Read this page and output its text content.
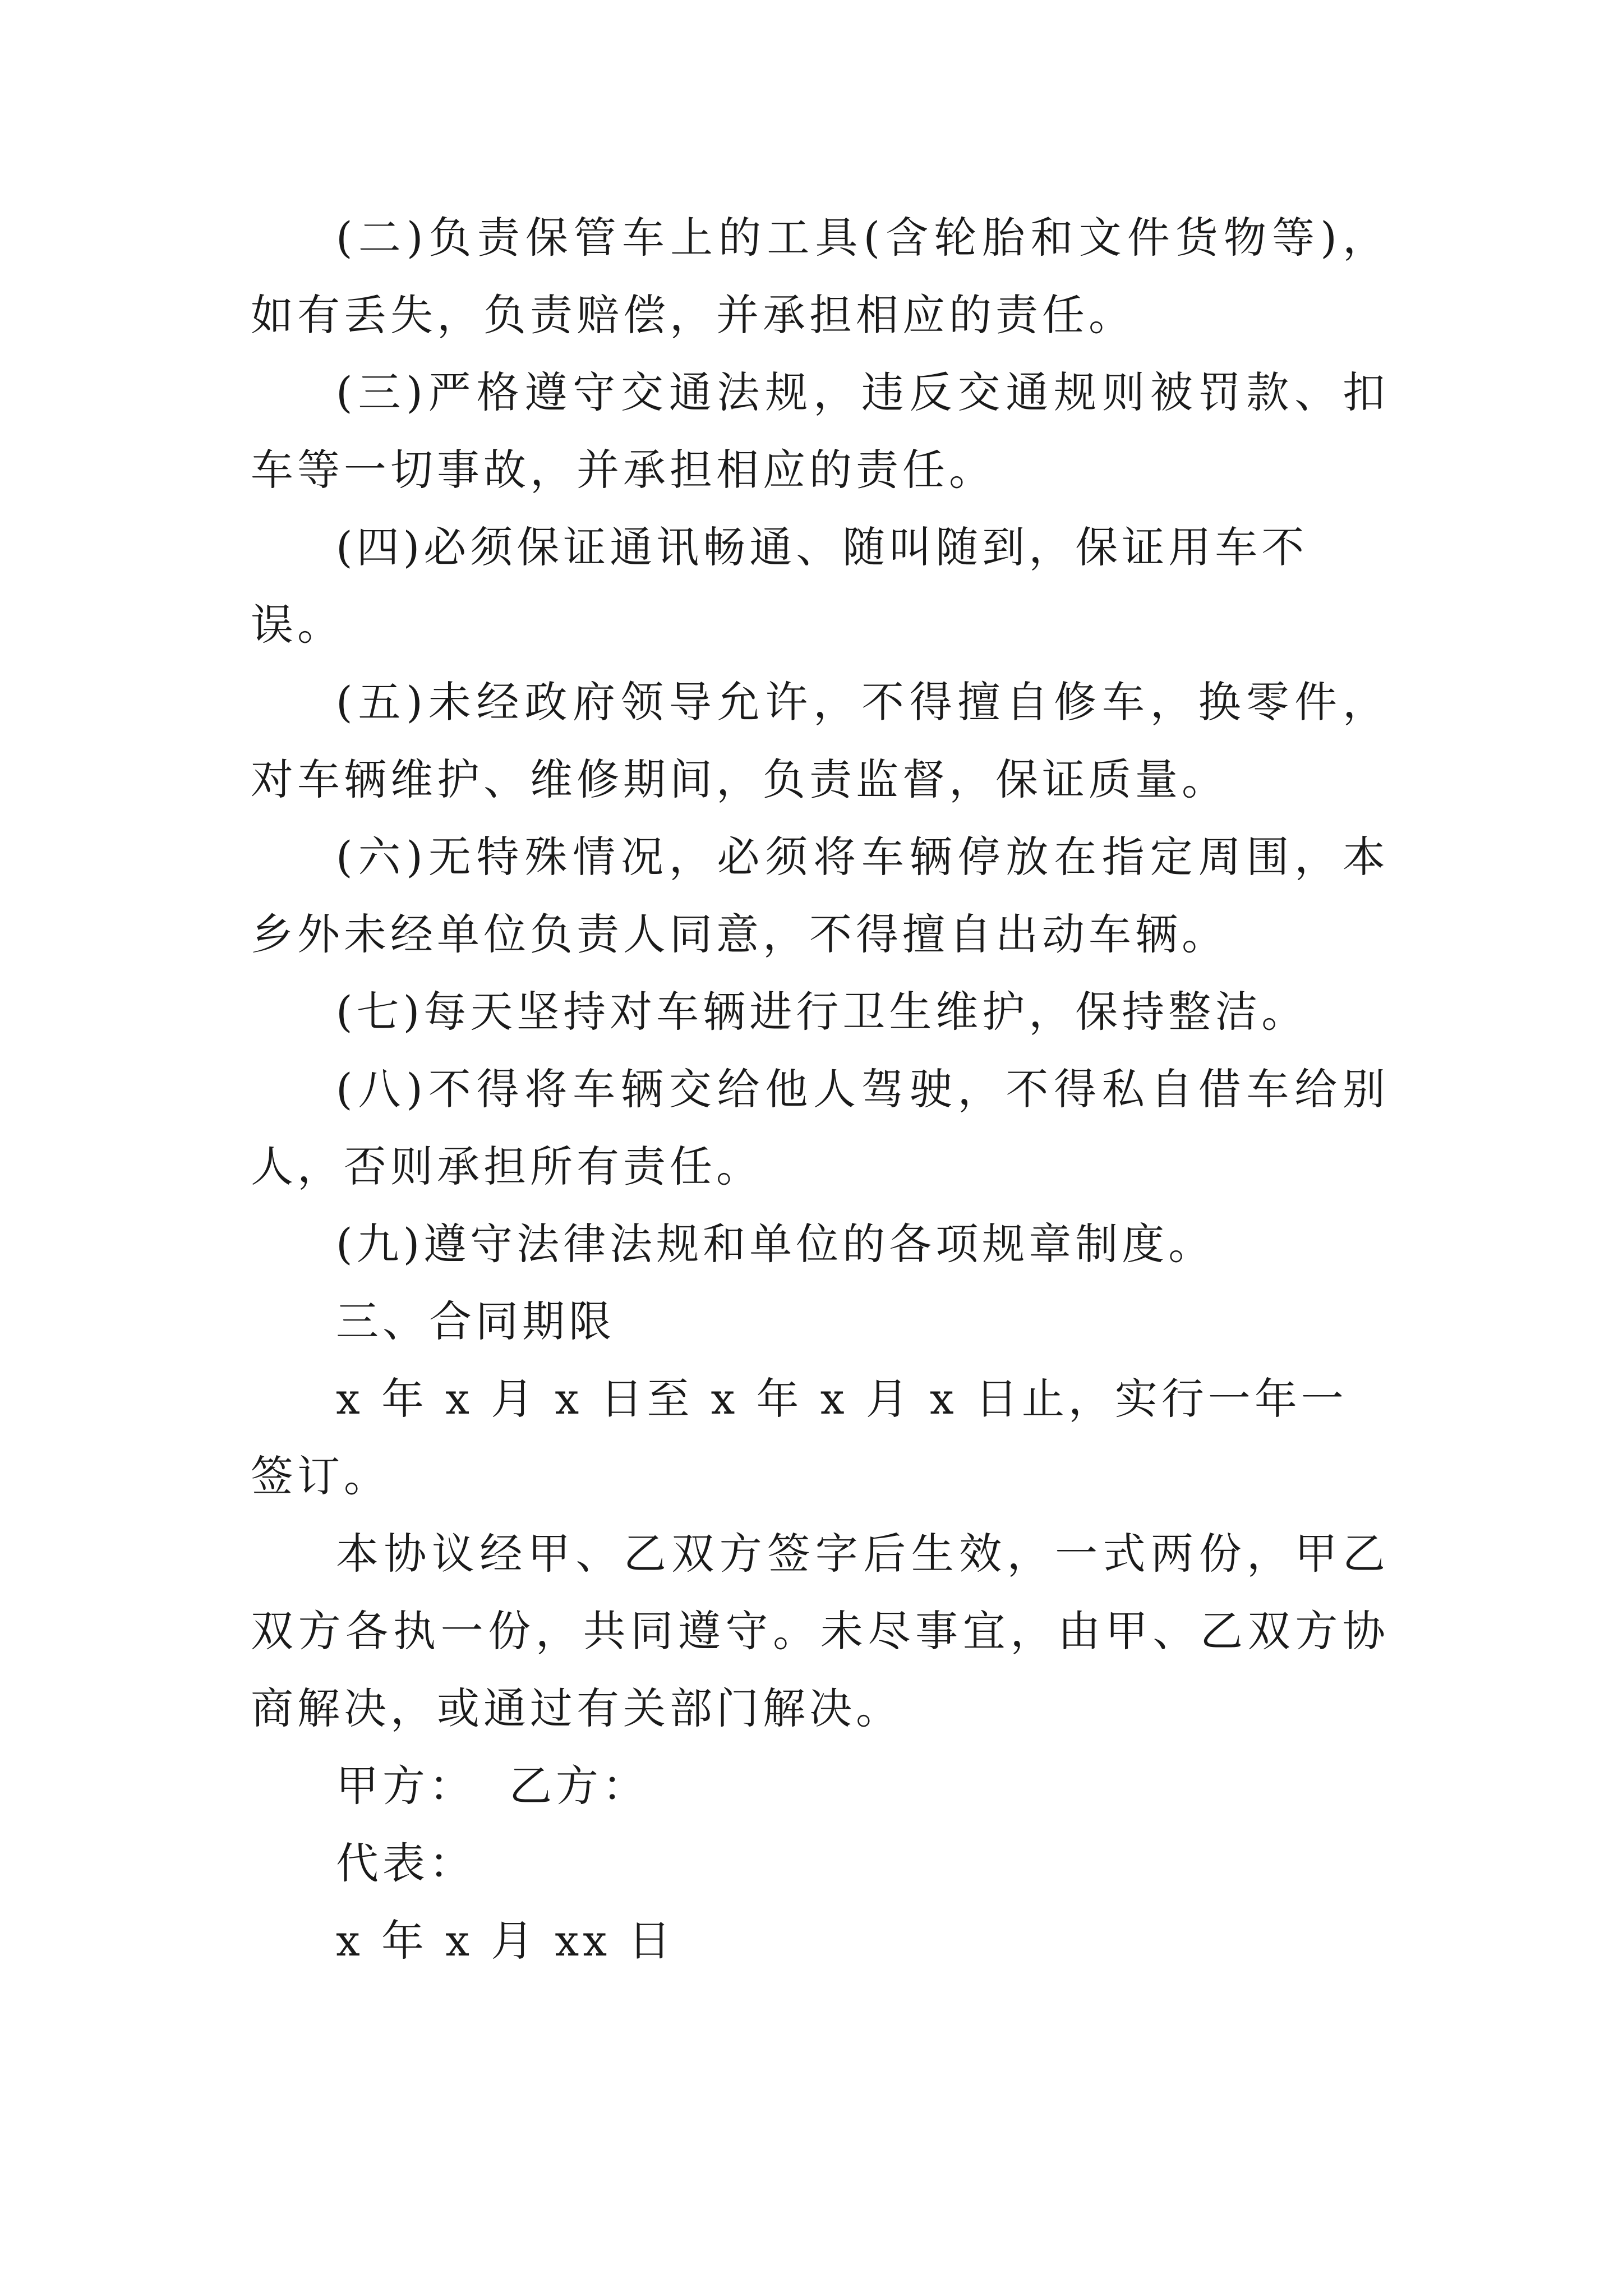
(二)负责保管车上的工具(含轮胎和文件货物等)，如有丢失，负责赔偿，并承担相应的责任。

(三)严格遵守交通法规，违反交通规则被罚款、扣车等一切事故，并承担相应的责任。

(四)必须保证通讯畅通、随叫随到，保证用车不误。

(五)未经政府领导允许，不得擅自修车，换零件，对车辆维护、维修期间，负责监督，保证质量。

(六)无特殊情况，必须将车辆停放在指定周围，本乡外未经单位负责人同意，不得擅自出动车辆。

(七)每天坚持对车辆进行卫生维护，保持整洁。

(八)不得将车辆交给他人驾驶，不得私自借车给别人，否则承担所有责任。

(九)遵守法律法规和单位的各项规章制度。

三、合同期限

x 年 x 月 x 日至 x 年 x 月 x 日止，实行一年一签订。

本协议经甲、乙双方签字后生效，一式两份，甲乙双方各执一份，共同遵守。未尽事宜，由甲、乙双方协商解决，或通过有关部门解决。

甲方： 乙方：

代表：

x 年 x 月 xx 日
